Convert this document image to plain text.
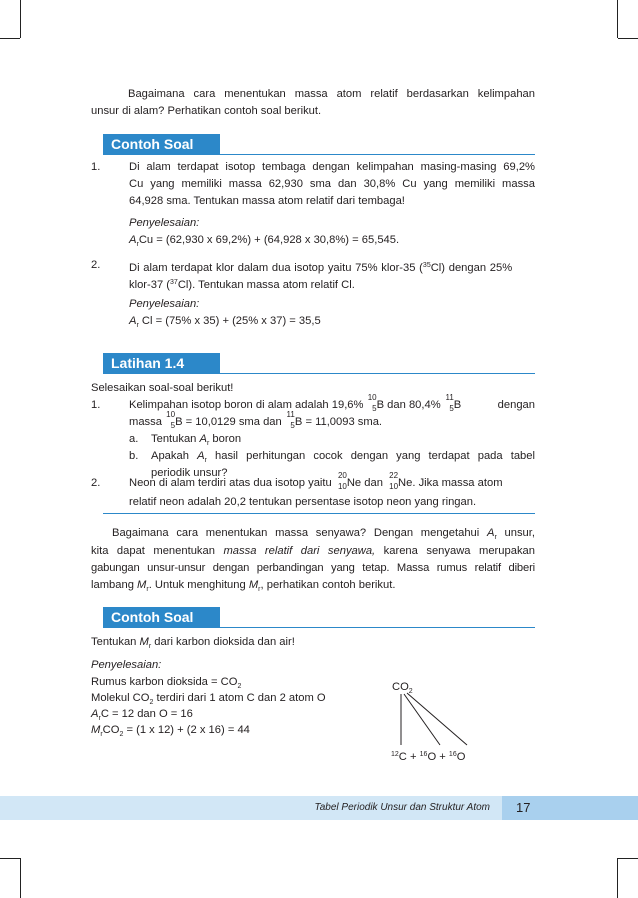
Bagaimana cara menentukan massa atom relatif berdasarkan kelimpahan
unsur di alam? Perhatikan contoh soal berikut.
Contoh Soal
1.	Di alam terdapat isotop tembaga dengan kelimpahan masing-masing 69,2%
Cu yang memiliki massa 62,930 sma dan 30,8% Cu yang memiliki massa
64,928 sma. Tentukan massa atom relatif dari tembaga!
Penyelesaian:
$A_rCu = (62,930$ x 69,2%) + (64,928 x 30,8%) = 65,545.
2.	Di alam terdapat klor dalam dua isotop yaitu 75% klor-35 ($^{35}$Cl) dengan 25%
klor-37 ($^{37}$Cl). Tentukan massa atom relatif Cl.
Penyelesaian:
$A_r$ Cl = (75% x 35) + (25% x 37) = 35,5
Latihan 1.4
Selesaikan soal-soal berikut!
1.	Kelimpahan isotop boron di alam adalah 19,6%
10
5 B dan 80,4%
11
5 B	dengan
massa
10
5 B = 10,0129 sma dan
11
5 B = 11,0093 sma.
a. Tentukan $A_r$ boron
b. Apakah $A_r$ hasil perhitungan cocok dengan yang terdapat pada tabel
periodik unsur?
2.	Neon di alam terdiri atas dua isotop yaitu
20
10 Ne dan
22
10 Ne. Jika massa atom
relatif neon adalah 20,2 tentukan persentase isotop neon yang ringan.
Bagaimana cara menentukan massa senyawa? Dengan mengetahui $A_r$ unsur,
kita dapat menentukan massa relatif dari senyawa, karena senyawa merupakan
gabungan unsur-unsur dengan perbandingan yang tetap. Massa rumus relatif diberi
lambang $M_r$. Untuk menghitung $M_r$, perhatikan contoh berikut.
Contoh Soal
Tentukan $M_r$ dari karbon dioksida dan air!
Penyelesaian:
Rumus karbon dioksida = $CO_2$
Molekul $CO_2$ terdiri dari 1 atom C dan 2 atom O
$A_rC = 12$ dan O = 16
$M_rCO_2 = (1$ x 12) + (2 x 16) = 44
$CO_2$
$^{12}$C + $^{16}$O + $^{16}$O
Tabel Periodik Unsur dan Struktur Atom 17
